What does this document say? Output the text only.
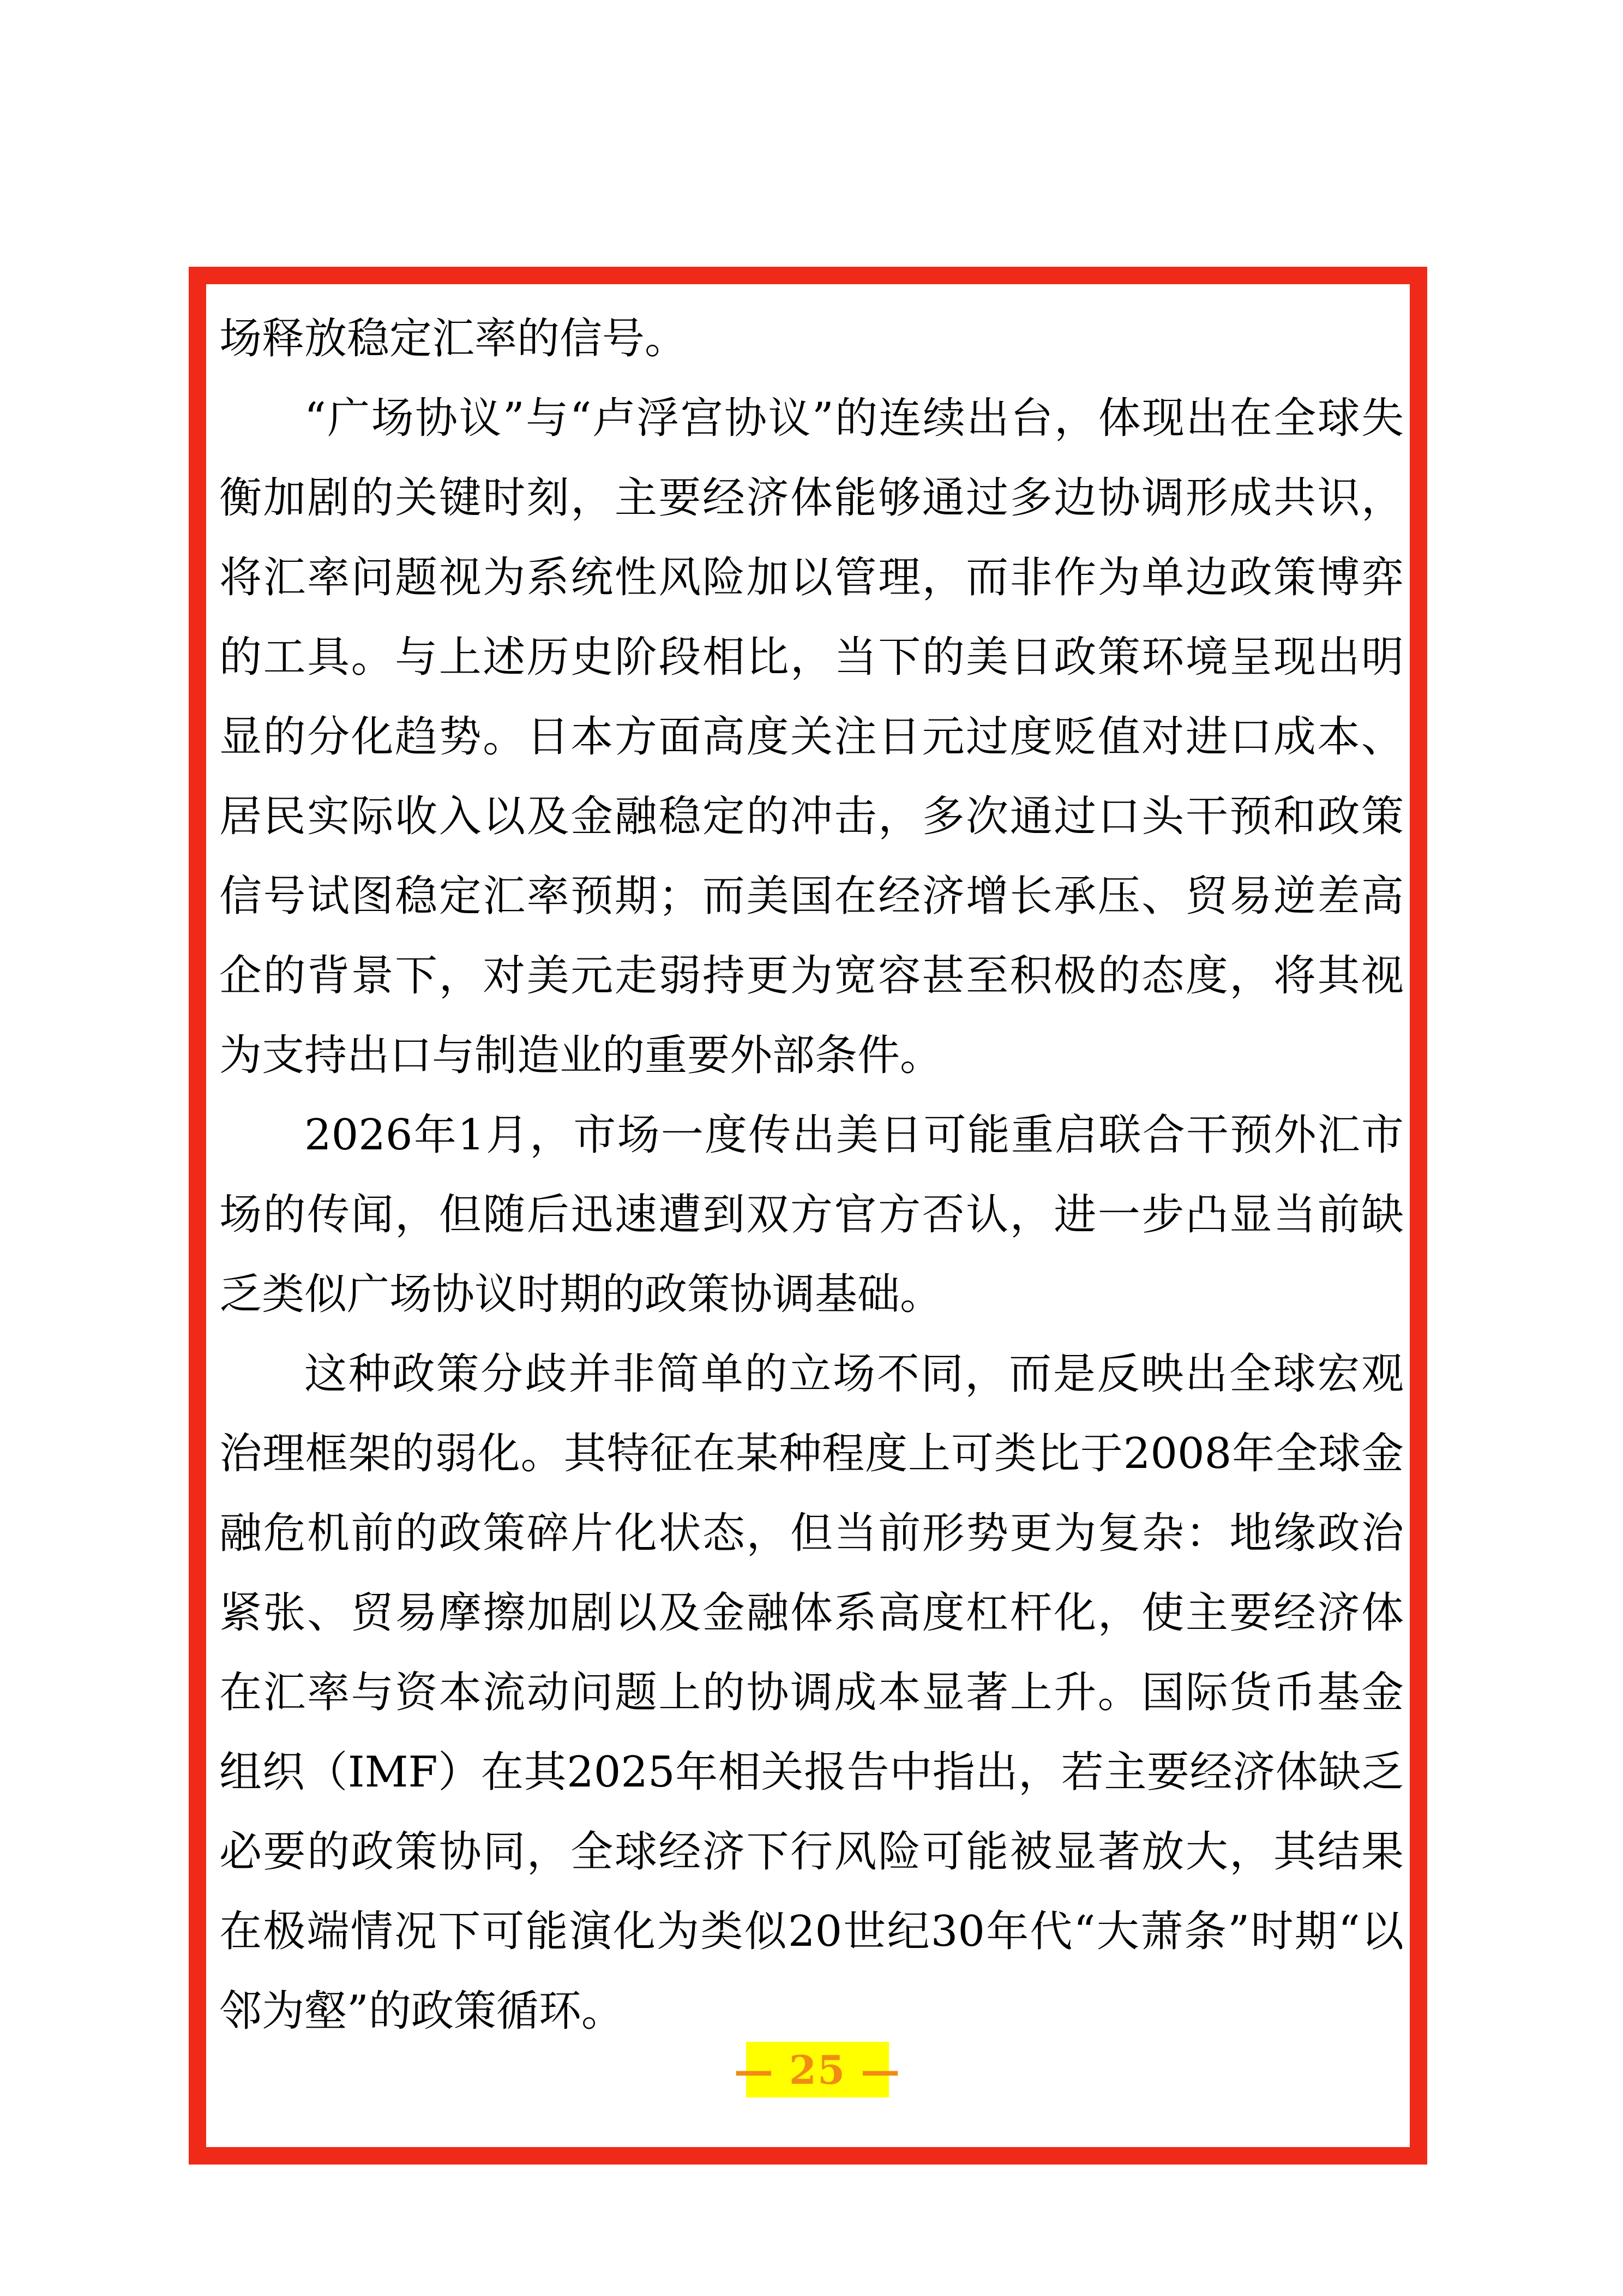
场释放稳定汇率的信号。

“广场协议”与“卢浮宫协议”的连续出台，体现出在全球失衡加剧的关键时刻，主要经济体能够通过多边协调形成共识，将汇率问题视为系统性风险加以管理，而非作为单边政策博弈的工具。与上述历史阶段相比，当下的美日政策环境呈现出明显的分化趋势。日本方面高度关注日元过度贬值对进口成本、居民实际收入以及金融稳定的冲击，多次通过口头干预和政策信号试图稳定汇率预期；而美国在经济增长承压、贸易逆差高企的背景下，对美元走弱持更为宽容甚至积极的态度，将其视为支持出口与制造业的重要外部条件。

2026年1月，市场一度传出美日可能重启联合干预外汇市场的传闻，但随后迅速遭到双方官方否认，进一步凸显当前缺乏类似广场协议时期的政策协调基础。

这种政策分歧并非简单的立场不同，而是反映出全球宏观治理框架的弱化。其特征在某种程度上可类比于2008年全球金融危机前的政策碎片化状态，但当前形势更为复杂：地缘政治紧张、贸易摩擦加剧以及金融体系高度杠杆化，使主要经济体在汇率与资本流动问题上的协调成本显著上升。国际货币基金组织（IMF）在其2025年相关报告中指出，若主要经济体缺乏必要的政策协同，全球经济下行风险可能被显著放大，其结果在极端情况下可能演化为类似20世纪30年代“大萧条”时期“以邻为壑”的政策循环。

— 25 —
